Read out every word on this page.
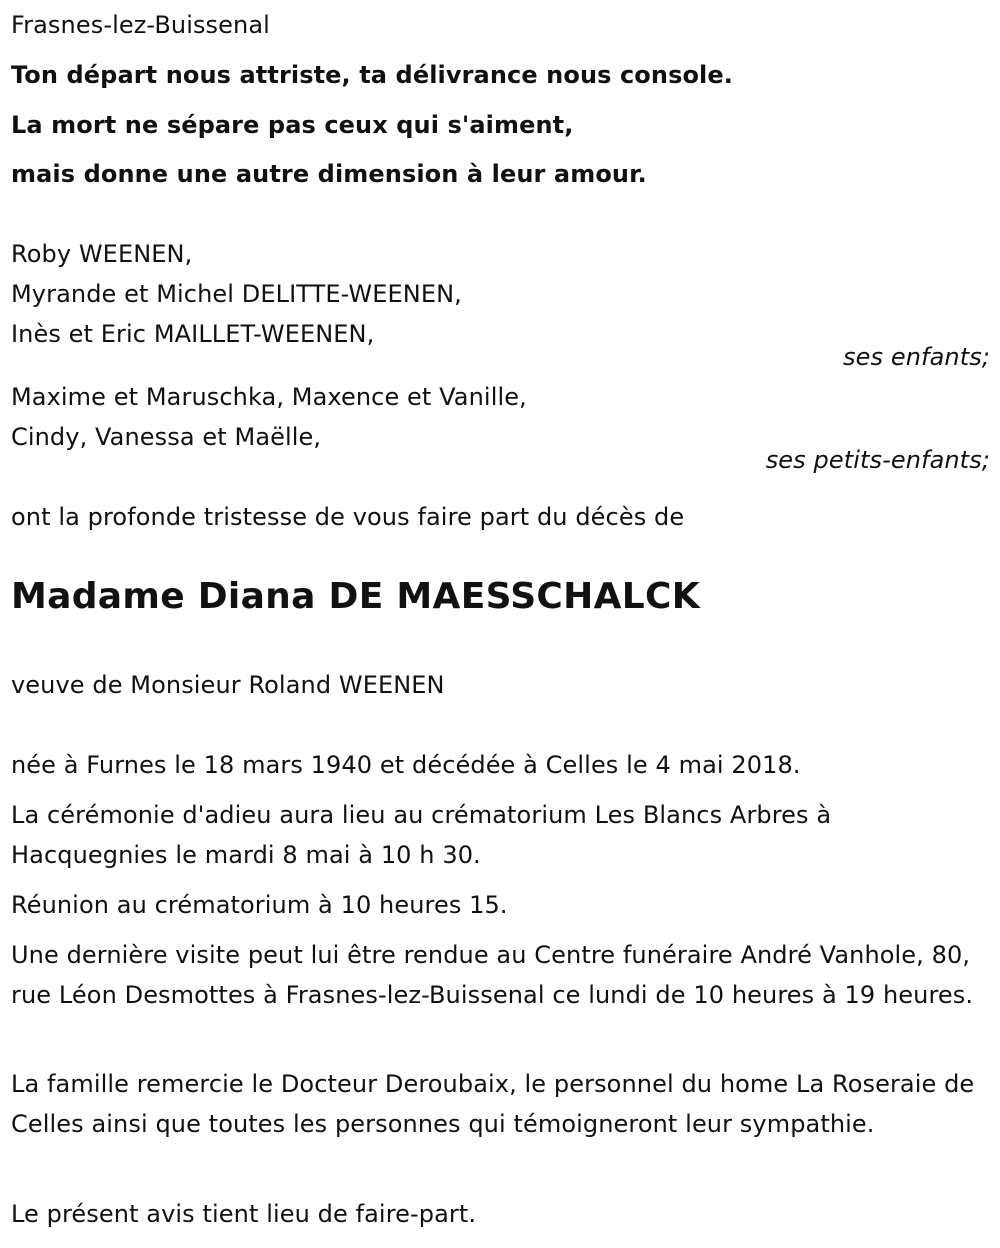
Frasnes-lez-Buissenal
Ton départ nous attriste, ta délivrance nous console.
La mort ne sépare pas ceux qui s'aiment,
mais donne une autre dimension à leur amour.
Roby WEENEN,
Myrande et Michel DELITTE-WEENEN,
Inès et Eric MAILLET-WEENEN,
ses enfants;
Maxime et Maruschka, Maxence et Vanille,
Cindy, Vanessa et Maëlle,
ses petits-enfants;
ont la profonde tristesse de vous faire part du décès de
Madame Diana DE MAESSCHALCK
veuve de Monsieur Roland WEENEN
née à Furnes le 18 mars 1940 et décédée à Celles le 4 mai 2018.
La cérémonie d'adieu aura lieu au crématorium Les Blancs Arbres à Hacquegnies le mardi 8 mai à 10 h 30.
Réunion au crématorium à 10 heures 15.
Une dernière visite peut lui être rendue au Centre funéraire André Vanhole, 80, rue Léon Desmottes à Frasnes-lez-Buissenal ce lundi de 10 heures à 19 heures.
La famille remercie le Docteur Deroubaix, le personnel du home La Roseraie de Celles ainsi que toutes les personnes qui témoigneront leur sympathie.
Le présent avis tient lieu de faire-part.
